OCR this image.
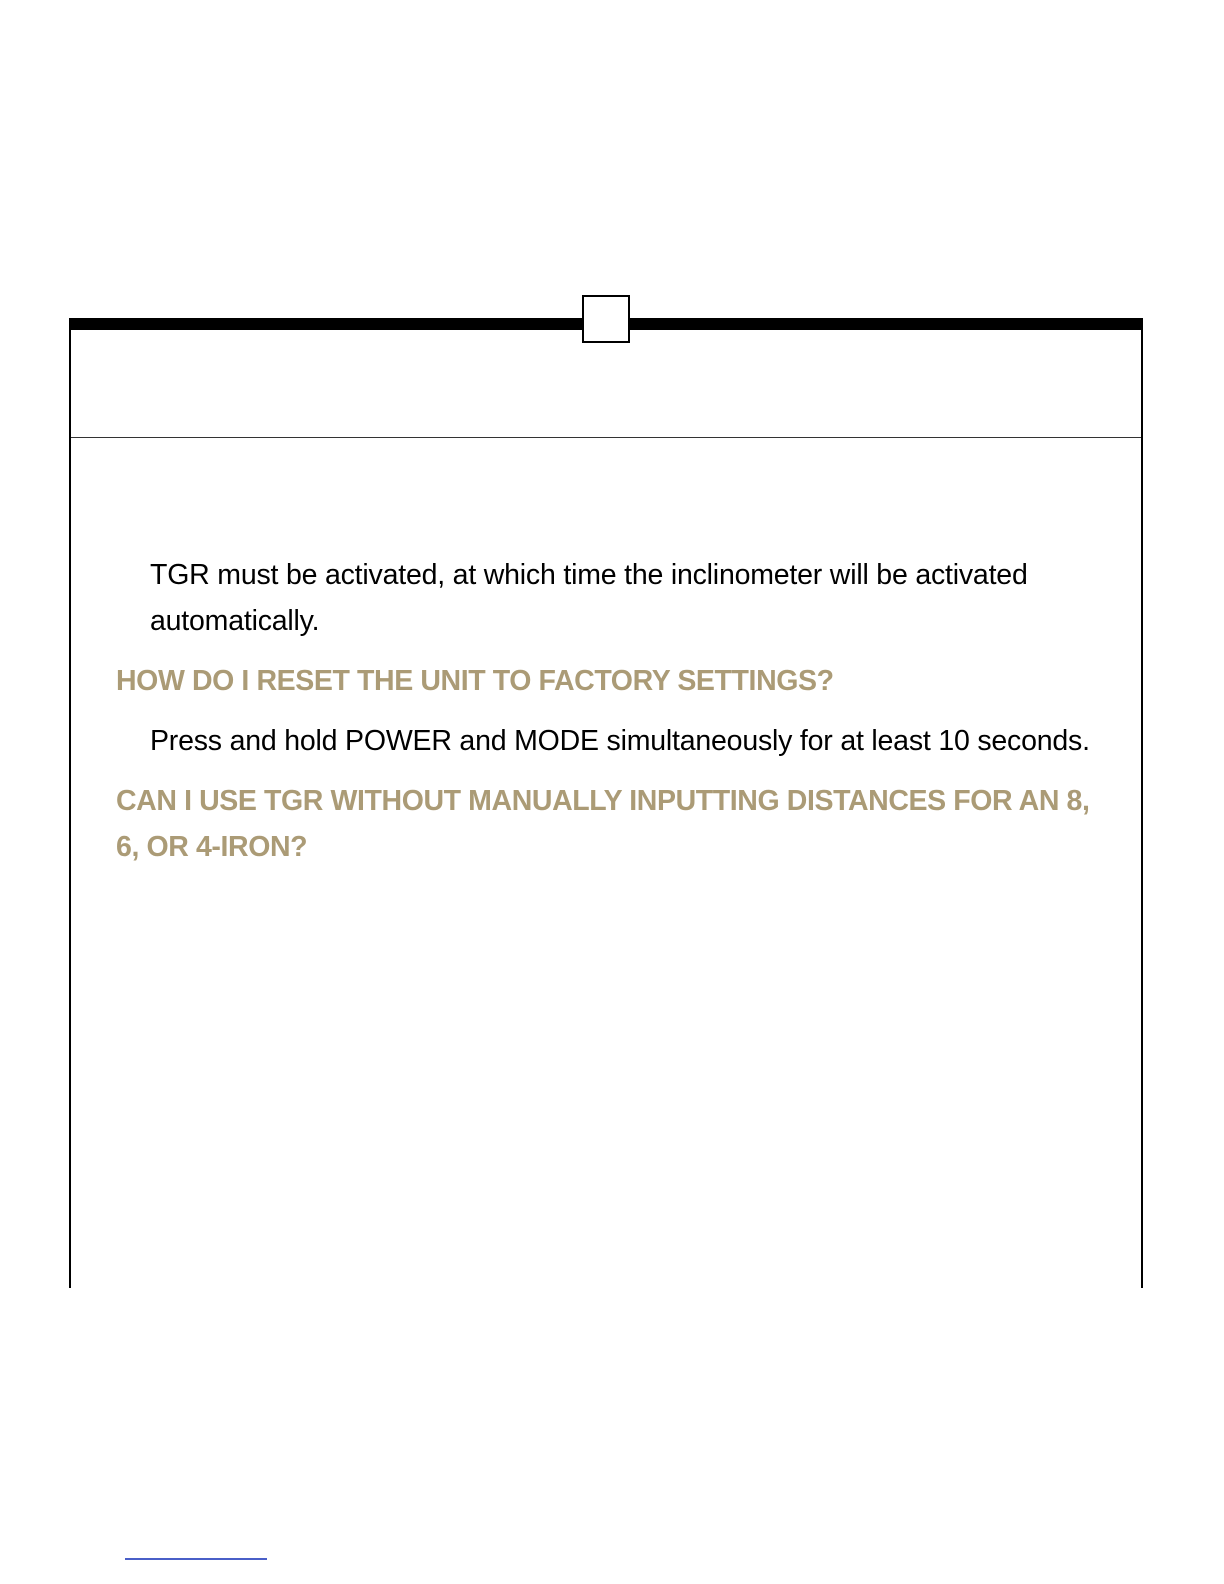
TGR must be activated, at which time the inclinometer will be activated automatically.

HOW DO I RESET THE UNIT TO FACTORY SETTINGS?

Press and hold POWER and MODE simultaneously for at least 10 seconds.

CAN I USE TGR WITHOUT MANUALLY INPUTTING DISTANCES FOR AN 8, 6, OR 4-IRON?
